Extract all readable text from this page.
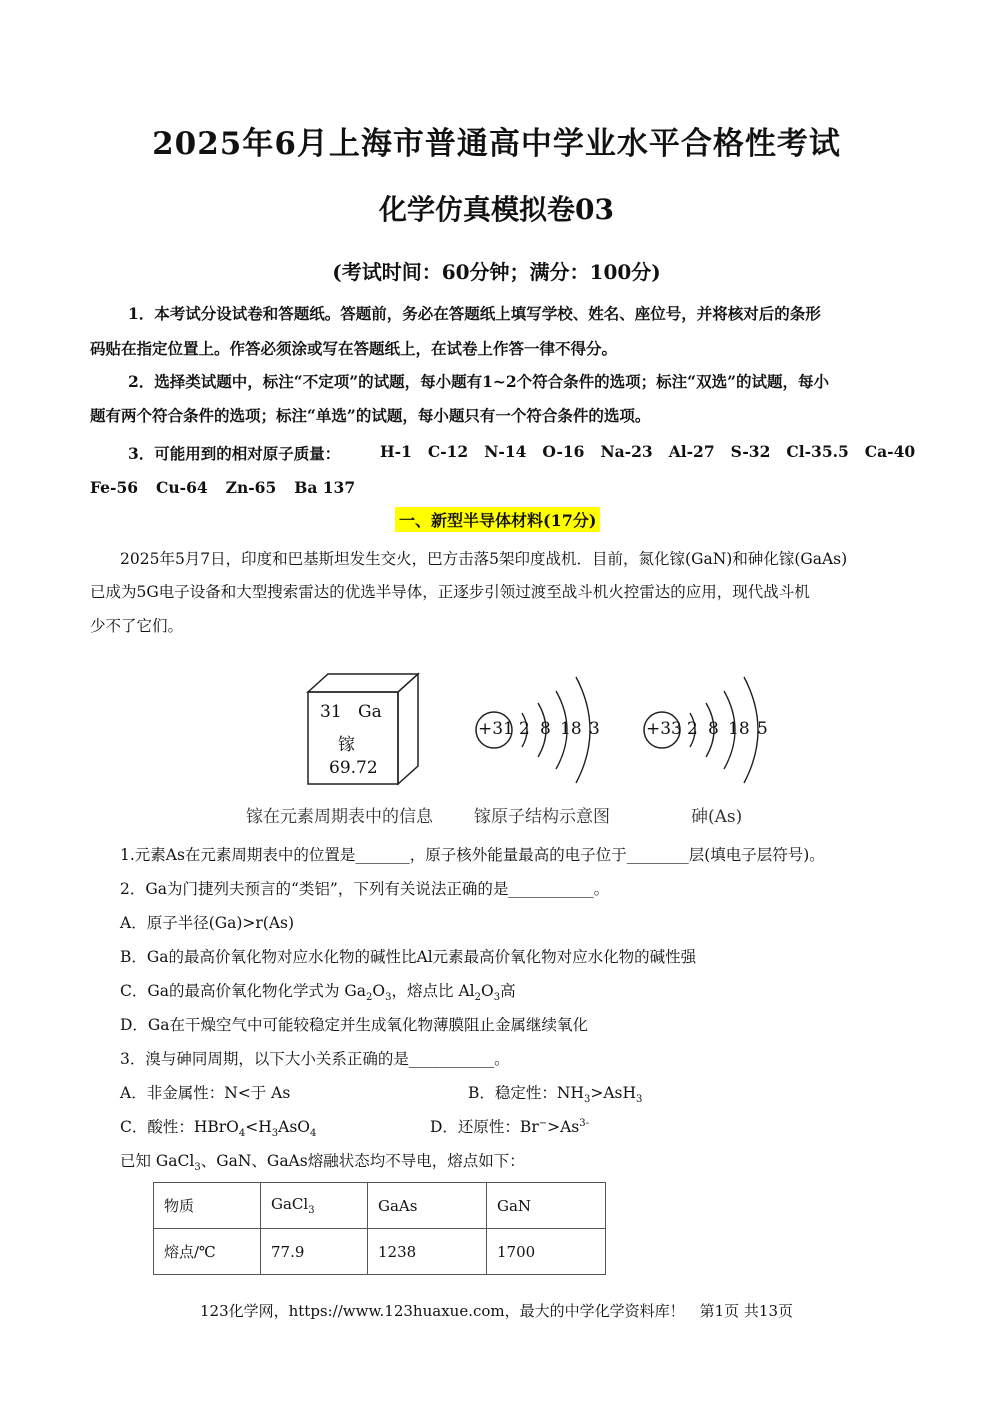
2025年6月上海市普通高中学业水平合格性考试
化学仿真模拟卷03
(考试时间：60分钟；满分：100分)
1．本考试分设试卷和答题纸。答题前，务必在答题纸上填写学校、姓名、座位号，并将核对后的条形
码贴在指定位置上。作答必须涂或写在答题纸上，在试卷上作答一律不得分。
2．选择类试题中，标注“不定项”的试题，每小题有1~2个符合条件的选项；标注“双选”的试题，每小
题有两个符合条件的选项；标注“单选”的试题，每小题只有一个符合条件的选项。
3．可能用到的相对原子质量：	H-1 C-12 N-14 O-16 Na-23 Al-27 S-32 Cl-35.5 Ca-40
Fe-56 Cu-64 Zn-65 Ba 137
一、新型半导体材料(17分)
2025年5月7日，印度和巴基斯坦发生交火，巴方击落5架印度战机．目前，氮化镓(GaN)和砷化镓(GaAs)
已成为5G电子设备和大型搜索雷达的优选半导体，正逐步引领过渡至战斗机火控雷达的应用，现代战斗机
少不了它们。
31 Ga
镓
69.72
+31 2 8 18 3	+33 2 8 18 5
镓在元素周期表中的信息 镓原子结构示意图	砷(As)
1.元素As在元素周期表中的位置是_______，原子核外能量最高的电子位于________层(填电子层符号)。
2．Ga为门捷列夫预言的“类铝”，下列有关说法正确的是___________。
A．原子半径(Ga)>r(As)
B．Ga的最高价氧化物对应水化物的碱性比Al元素最高价氧化物对应水化物的碱性强
C．Ga的最高价氧化物化学式为 $Ga_2O_3$，熔点比 $Al_2O_3$高
D．Ga在干燥空气中可能较稳定并生成氧化物薄膜阻止金属继续氧化
3．溴与砷同周期，以下大小关系正确的是___________。
A．非金属性：N<于 As	B．稳定性：$NH_3>AsH_3$
C．酸性：$HBrO_4<H_3AsO_4$	D．还原性：$Br^->As^{3-}$
已知 GaCl$_3$、GaN、GaAs熔融状态均不导电，熔点如下：
物质	GaCl$_3$	GaAs	GaN
熔点/℃	77.9	1238	1700
123化学网，https://www.123huaxue.com，最大的中学化学资料库！　第1页 共13页
